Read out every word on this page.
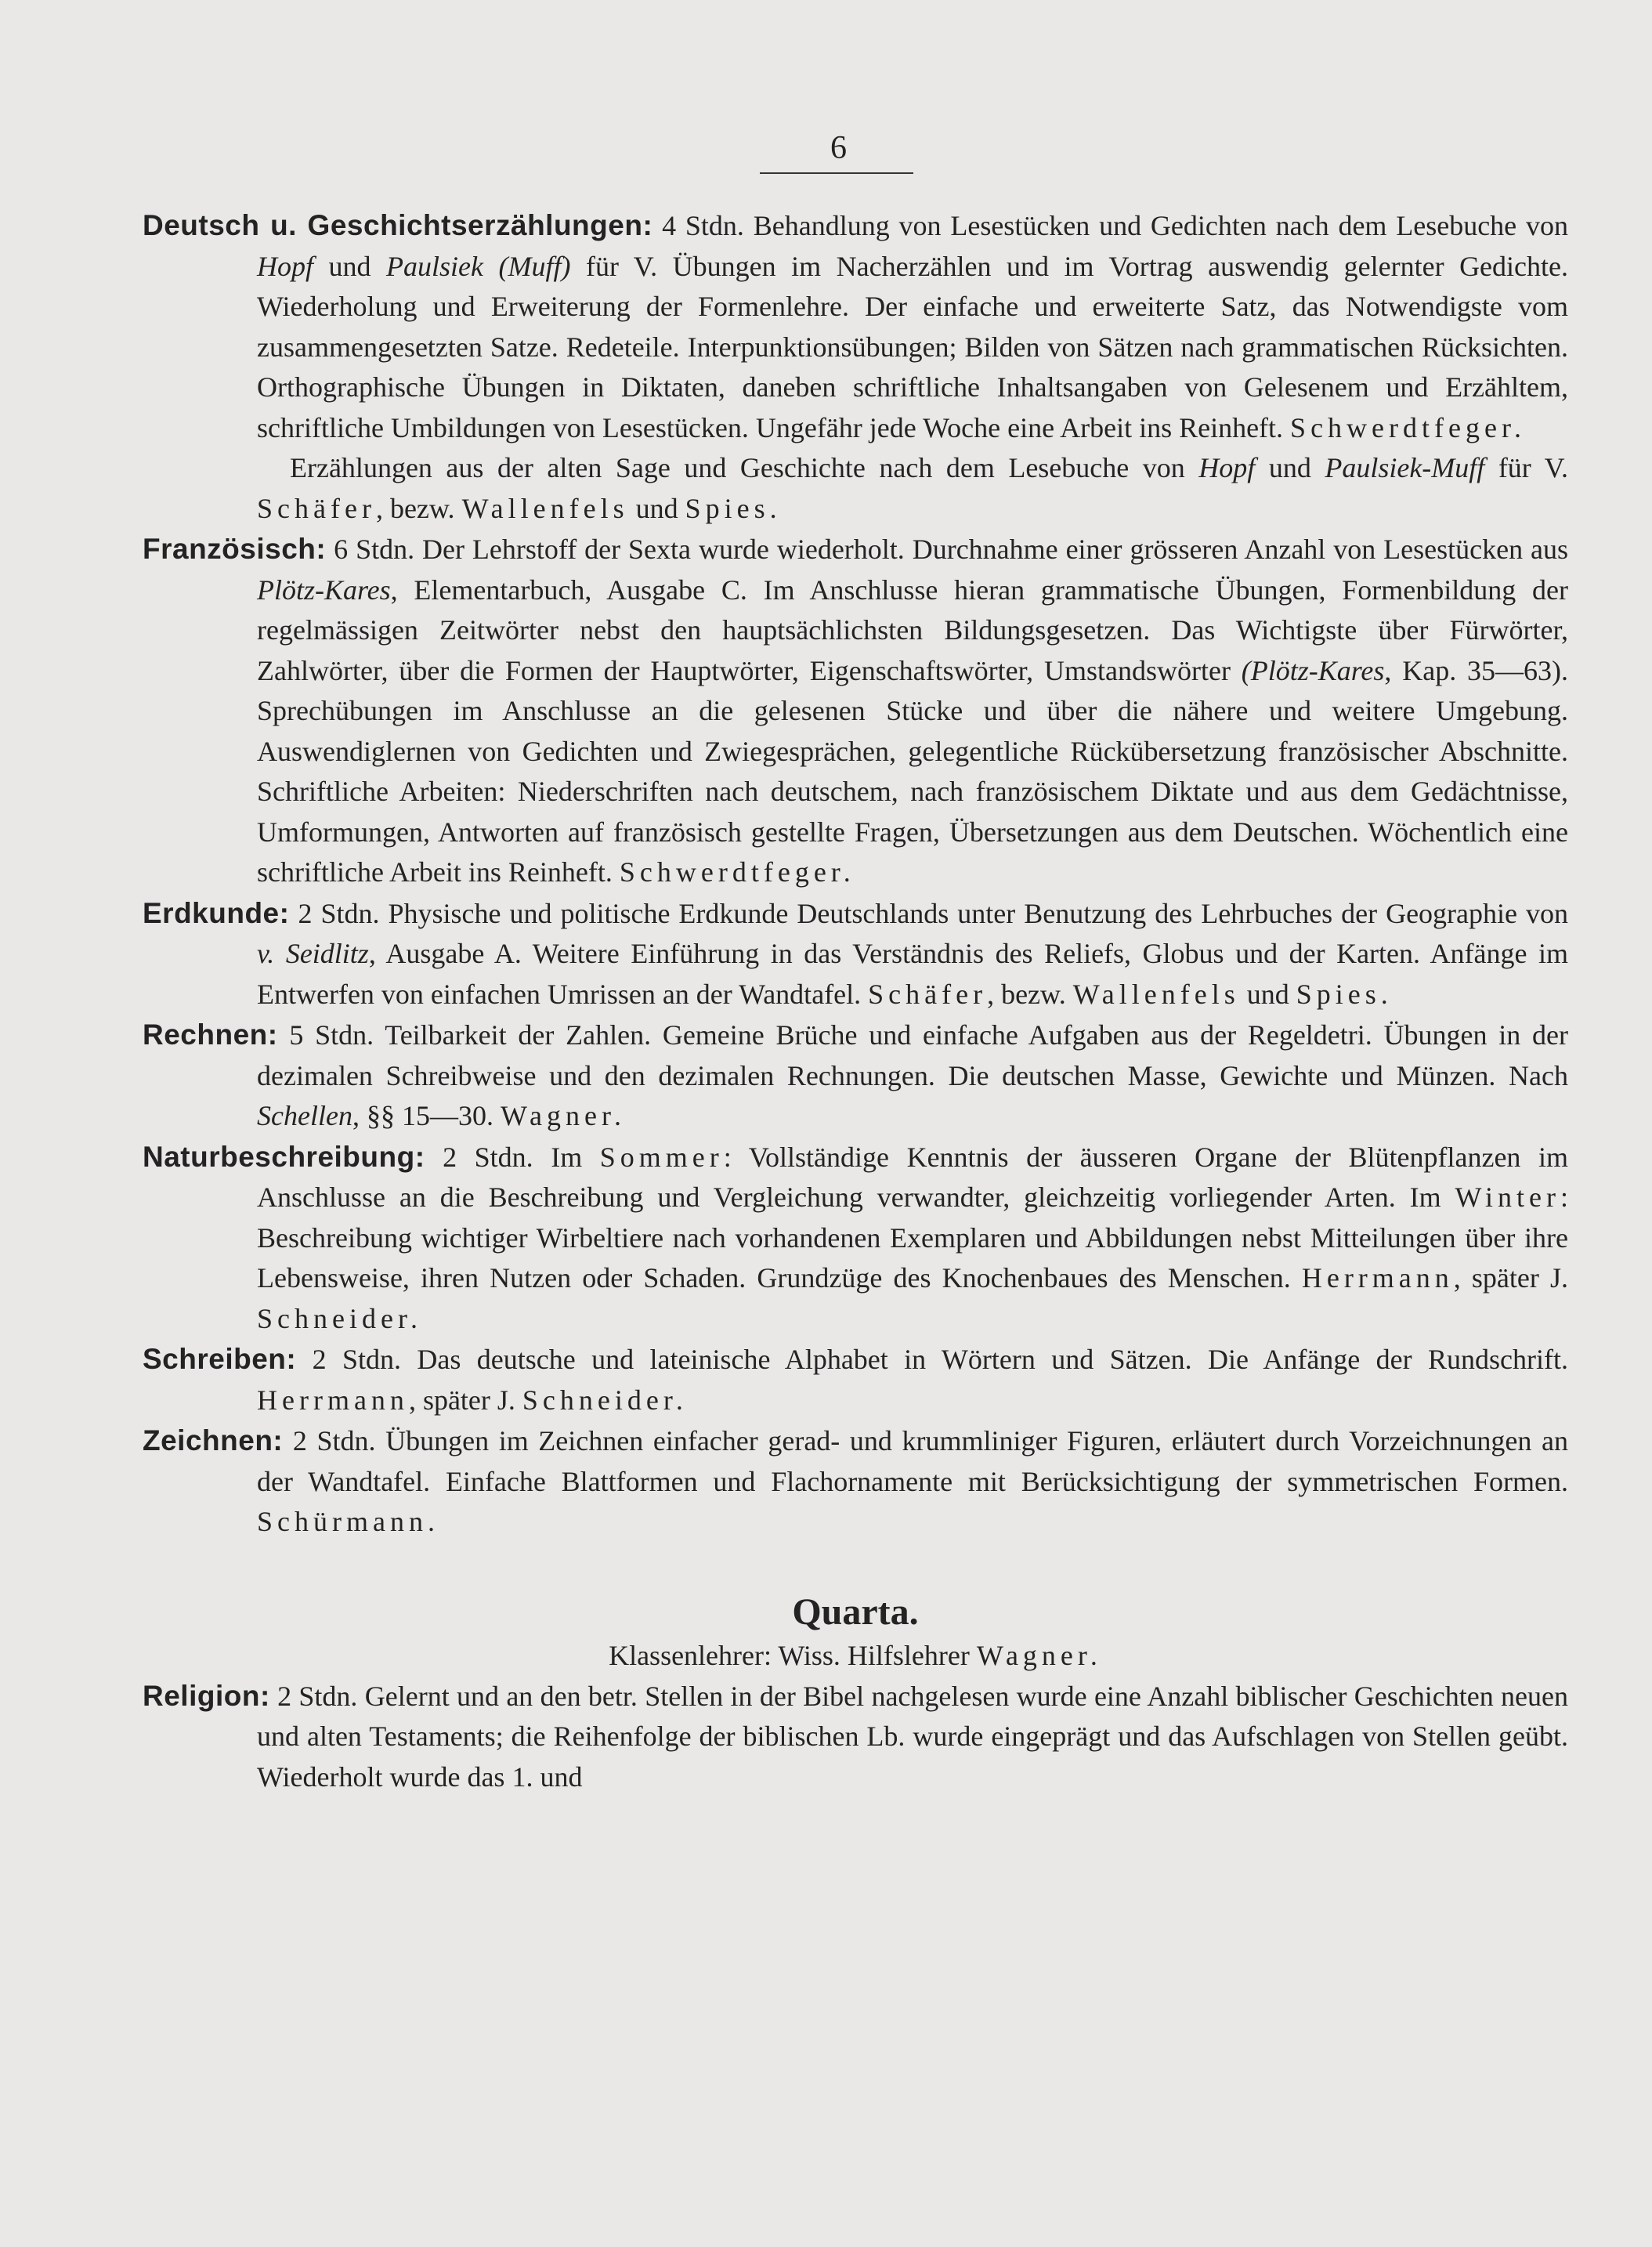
6

Deutsch u. Geschichtserzählungen: 4 Stdn. Behandlung von Lesestücken und Gedichten nach dem Lesebuche von Hopf und Paulsiek (Muff) für V. Übungen im Nacherzählen und im Vortrag auswendig gelernter Gedichte. Wiederholung und Erweiterung der Formenlehre. Der einfache und erweiterte Satz, das Notwendigste vom zusammengesetzten Satze. Redeteile. Interpunktionsübungen; Bilden von Sätzen nach grammatischen Rücksichten. Orthographische Übungen in Diktaten, daneben schriftliche Inhaltsangaben von Gelesenem und Erzähltem, schriftliche Umbildungen von Lesestücken. Ungefähr jede Woche eine Arbeit ins Reinheft. Schwerdtfeger.

Erzählungen aus der alten Sage und Geschichte nach dem Lesebuche von Hopf und Paulsiek-Muff für V. Schäfer, bezw. Wallenfels und Spies.

Französisch: 6 Stdn. Der Lehrstoff der Sexta wurde wiederholt. Durchnahme einer grösseren Anzahl von Lesestücken aus Plötz-Kares, Elementarbuch, Ausgabe C. Im Anschlusse hieran grammatische Übungen, Formenbildung der regelmässigen Zeitwörter nebst den hauptsächlichsten Bildungsgesetzen. Das Wichtigste über Fürwörter, Zahlwörter, über die Formen der Hauptwörter, Eigenschaftswörter, Umstandswörter (Plötz-Kares, Kap. 35—63). Sprechübungen im Anschlusse an die gelesenen Stücke und über die nähere und weitere Umgebung. Auswendiglernen von Gedichten und Zwiegesprächen, gelegentliche Rückübersetzung französischer Abschnitte. Schriftliche Arbeiten: Niederschriften nach deutschem, nach französischem Diktate und aus dem Gedächtnisse, Umformungen, Antworten auf französisch gestellte Fragen, Übersetzungen aus dem Deutschen. Wöchentlich eine schriftliche Arbeit ins Reinheft. Schwerdtfeger.

Erdkunde: 2 Stdn. Physische und politische Erdkunde Deutschlands unter Benutzung des Lehrbuches der Geographie von v. Seidlitz, Ausgabe A. Weitere Einführung in das Verständnis des Reliefs, Globus und der Karten. Anfänge im Entwerfen von einfachen Umrissen an der Wandtafel. Schäfer, bezw. Wallenfels und Spies.

Rechnen: 5 Stdn. Teilbarkeit der Zahlen. Gemeine Brüche und einfache Aufgaben aus der Regeldetri. Übungen in der dezimalen Schreibweise und den dezimalen Rechnungen. Die deutschen Masse, Gewichte und Münzen. Nach Schellen, §§ 15—30. Wagner.

Naturbeschreibung: 2 Stdn. Im Sommer: Vollständige Kenntnis der äusseren Organe der Blütenpflanzen im Anschlusse an die Beschreibung und Vergleichung verwandter, gleichzeitig vorliegender Arten. Im Winter: Beschreibung wichtiger Wirbeltiere nach vorhandenen Exemplaren und Abbildungen nebst Mitteilungen über ihre Lebensweise, ihren Nutzen oder Schaden. Grundzüge des Knochenbaues des Menschen. Herrmann, später J. Schneider.

Schreiben: 2 Stdn. Das deutsche und lateinische Alphabet in Wörtern und Sätzen. Die Anfänge der Rundschrift. Herrmann, später J. Schneider.

Zeichnen: 2 Stdn. Übungen im Zeichnen einfacher gerad- und krummliniger Figuren, erläutert durch Vorzeichnungen an der Wandtafel. Einfache Blattformen und Flachornamente mit Berücksichtigung der symmetrischen Formen. Schürmann.

Quarta.

Klassenlehrer: Wiss. Hilfslehrer Wagner.

Religion: 2 Stdn. Gelernt und an den betr. Stellen in der Bibel nachgelesen wurde eine Anzahl biblischer Geschichten neuen und alten Testaments; die Reihenfolge der biblischen Lb. wurde eingeprägt und das Aufschlagen von Stellen geübt. Wiederholt wurde das 1. und
